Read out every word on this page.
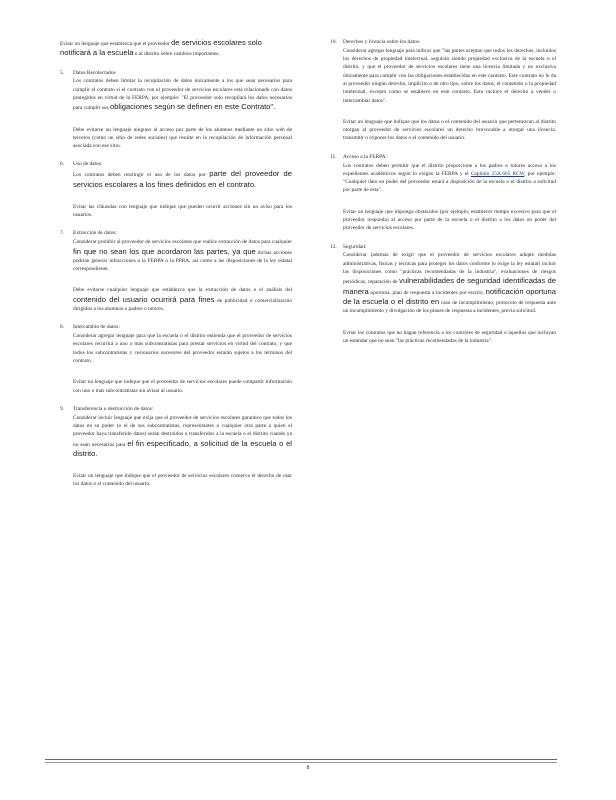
Evitar un lenguaje que establezca que el proveedor de servicios escolares solo notificará a la escuela o al distrito sobre cambios importantes.
5. Datos Recolectados

Los contratos deben limitar la recopilación de datos únicamente a los que sean necesarios para cumplir el contrato si el contrato con el proveedor de servicios escolares está relacionado con datos protegidos en virtud de la FERPA; por ejemplo: "El proveedor solo recopilará los datos necesarios para cumplir sus obligaciones según se definen en este Contrato".

Debe evitarse un lenguaje ninguno al acceso por parte de los alumnos mediante un sitio web de terceros (como un sitio de redes sociales) que resulte en la recopilación de información personal asociada con ese sitio.

6. Uso de datos:

Los contratos deben restringir el uso de los datos por parte del proveedor de servicios escolares a los fines definidos en el contrato.

Evitar las cláusulas con lenguaje que indique que pueden ocurrir acciones sin un aviso para los usuarios.

7. Extracción de datos:

Considerar prohibir al proveedor de servicios escolares que realice extracción de datos para cualquier fin que no sean los que acordaron las partes, ya que dichas acciones podrían generar infracciones a la FERPA o la PPRA, así como a las disposiciones de la ley estatal correspondiente.

Debe evitarse cualquier lenguaje que establezca que la extracción de datos o el análisis del contenido del usuario ocurrirá para fines de publicidad o comercialización dirigidos a los alumnos o padres o tutores.

8. Intercambio de datos:

Considerar agregar lenguaje para que la escuela o el distrito entienda que el proveedor de servicios escolares recurrirá a uno o más subcontratistas para prestar servicios en virtud del contrato, y que todos los subcontratistas y cesionarios sucesores del proveedor estarán sujetos a los términos del contrato.

Evitar un lenguaje que indique que el proveedor de servicios escolares puede compartir información con uno o más subcontratistas sin avisar al usuario.

9. Transferencia o destrucción de datos:

Considerar incluir lenguaje que exija que el proveedor de servicios escolares garantice que todos los datos en su poder (o el de sus subcontratistas, representantes o cualquier otra parte a quien el proveedor haya transferido datos) serán destruidos o transferidos a la escuela o el distrito cuando ya no sean necesarios para el fin especificado, a solicitud de la escuela o el distrito.

Evitar un lenguaje que indique que el proveedor de servicios escolares conserva el derecho de usar los datos o el contenido del usuario.

10. Derechos y licencia sobre los datos:

Considerar agregar lenguaje para indicar que "las partes aceptan que todos los derechos, incluidos los derechos de propiedad intelectual, seguirán siendo propiedad exclusiva de la escuela o el distrito, y que el proveedor de servicios escolares tiene una licencia limitada y no exclusiva únicamente para cumplir con las obligaciones establecidas en este contrato. Este contrato no le da al proveedor ningún derecho, implícito o de otro tipo, sobre los datos, el contenido o la propiedad intelectual, excepto como se establece en este contrato. Esto incluye el derecho a vender o intercambiar datos".

Evitar un lenguaje que indique que los datos o el contenido del usuario que pertenezcan al distrito otorgan al proveedor de servicios escolares un derecho irrevocable a otorgar una licencia, transmitir o exponer los datos o el contenido del usuario.

11. Acceso a la FERPA:

Los contratos deben permitir que el distrito proporcione a los padres o tutores acceso a los expedientes académicos según lo exigen la FERPA y el Capítulo 25A.605 RCW, por ejemplo: "Cualquier dato en poder del proveedor estará a disposición de la escuela o el distrito a solicitud por parte de esta".

Evitar un lenguaje que imponga obstáculos (por ejemplo, establecer tiempo excesivo para que el proveedor responda) al acceso por parte de la escuela o el distrito a los datos en poder del proveedor de servicios escolares.

12. Seguridad:

Considerar (además de exigir que el proveedor de servicios escolares adopte medidas administrativas, físicas y técnicas para proteger los datos conforme lo exige la ley estatal) incluir las disposiciones como "prácticas recomendadas de la industria", evaluaciones de riesgos periódicas, reparación de vulnerabilidades de seguridad identificadas de manera oportuna, plan de respuesta a incidentes por escrito, notificación oportuna de la escuela o el distrito en caso de incumplimiento, protocolo de respuesta ante un incumplimiento y divulgación de los planes de respuesta a incidentes, previa solicitud.

Evitar los contratos que no hagan referencia a los controles de seguridad o aquellos que incluyan un estándar que no sean "las prácticas recomendadas de la industria".

8
